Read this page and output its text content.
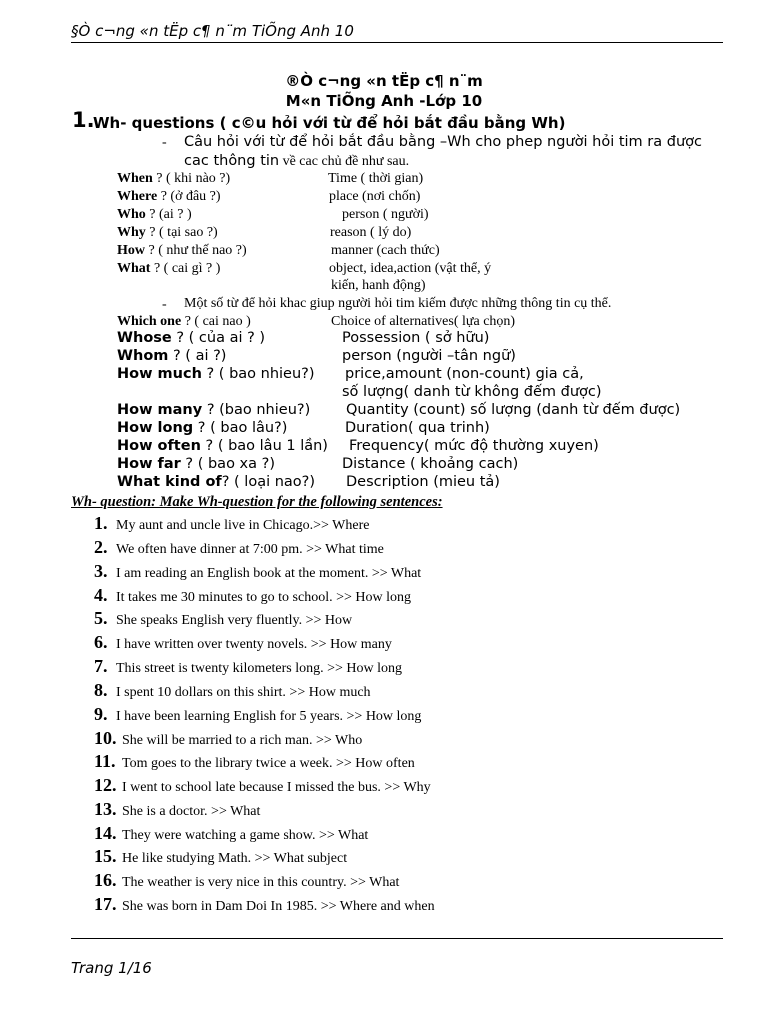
§Ò c¬ng «n tËp c¶ n¨m TiÕng Anh 10
®Ò c¬ng «n tËp c¶ n¨m
M«n TiÕng Anh -Lớp 10
1.
Wh- questions ( c©u hỏi với từ để hỏi bắt đầu bằng Wh)
- Câu hỏi với từ để hỏi bắt đầu bằng –Wh cho phep người hỏi tim ra được
cac thông tin về cac chủ đề như sau.
When ? ( khi nào ?)	Time ( thời gian)
Where ? (ở đâu ?)	place (nơi chốn)
Who ? (ai ? )	person ( người)
Why ? ( tại sao ?)	reason ( lý do)
How ? ( như thế nao ?)	manner (cach thức)
What ? ( cai gì ? )	object, idea,action (vật thể, ý
kiến, hanh động)
- Một số từ để hỏi khac giup người hỏi tim kiếm được những thông tin cụ thể.
Which one ? ( cai nao )	Choice of alternatives( lựa chọn)
Whose ? ( của ai ? )	Possession ( sở hữu)
Whom ? ( ai ?)	person (người –tân ngữ)
How much ? ( bao nhieu?) price,amount (non-count) gia cả,
số lượng( danh từ không đếm được)
How many ? (bao nhieu?) Quantity (count) số lượng (danh từ đếm được)
How long ? ( bao lâu?)	Duration( qua trinh)
How often ? ( bao lâu 1 lần) Frequency( mức độ thường xuyen)
How far ? ( bao xa ?)	Distance ( khoảng cach)
What kind of? ( loại nao?) Description (mieu tả)
Wh- question: Make Wh-question for the following sentences:
1. My aunt and uncle live in Chicago.>> Where
2. We often have dinner at 7:00 pm. >> What time
3. I am reading an English book at the moment. >> What
4. It takes me 30 minutes to go to school. >> How long
5. She speaks English very fluently. >> How
6. I have written over twenty novels. >> How many
7. This street is twenty kilometers long. >> How long
8. I spent 10 dollars on this shirt. >> How much
9. I have been learning English for 5 years. >> How long
10. She will be married to a rich man. >> Who
11. Tom goes to the library twice a week. >> How often
12. I went to school late because I missed the bus. >> Why
13. She is a doctor. >> What
14. They were watching a game show. >> What
15. He like studying Math. >> What subject
16. The weather is very nice in this country. >> What
17. She was born in Dam Doi In 1985. >> Where and when
Trang 1/16
